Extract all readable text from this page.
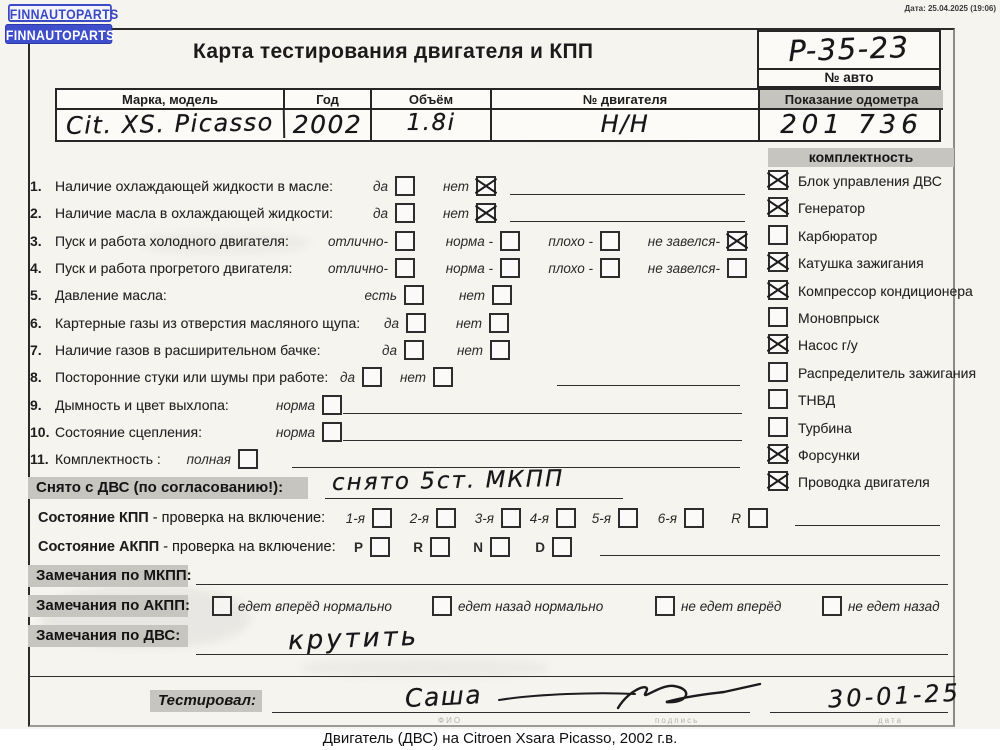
FINNAUTOPARTS
FINNAUTOPARTS
Дата: 25.04.2025 (19:06)
Карта тестирования двигателя и КПП	P-35-23
№ авто
Марка, модель	Год	Объём	№ двигателя	Показание одометра
Cit. XS. Picasso 2002	1.8i	Н/Н	201 736
комплектность
Блок управления ДВС
Генератор
Карбюратор
Катушка зажигания
Компрессор кондиционера
Моновпрыск
Насос г/у
Распределитель зажигания
ТНВД
Турбина
Форсунки
Проводка двигателя
1. Наличие охлаждающей жидкости в масле:	да	нет
2. Наличие масла в охлаждающей жидкости:	да	нет
3. Пуск и работа холодного двигателя:	отлично-	норма -	плохо -	не завелся-
4. Пуск и работа прогретого двигателя:	отлично-	норма -	плохо -	не завелся-
5. Давление масла:	есть	нет
6. Картерные газы из отверстия масляного щупа: да	нет
7. Наличие газов в расширительном бачке:	да	нет
8. Посторонние стуки или шумы при работе: да	нет
9. Дымность и цвет выхлопа:	норма
10. Состояние сцепления:	норма
11. Комплектность : полная
Снято с ДВС (по согласованию!):	снято 5ст. МКПП
Состояние КПП - проверка на включение: 1-я	2-я	3-я	4-я	5-я	6-я	R
Состояние АКПП - проверка на включение: P	R	N	D
Замечания по МКПП:
Замечания по АКПП:	едет вперёд нормально	едет назад нормально	не едет вперёд	не едет назад
Замечания по ДВС:	крутить
Тестировал:	Саша	30-01-25
ФИО	подпись	дата
Двигатель (ДВС) на Citroen Xsara Picasso, 2002 г.в.
